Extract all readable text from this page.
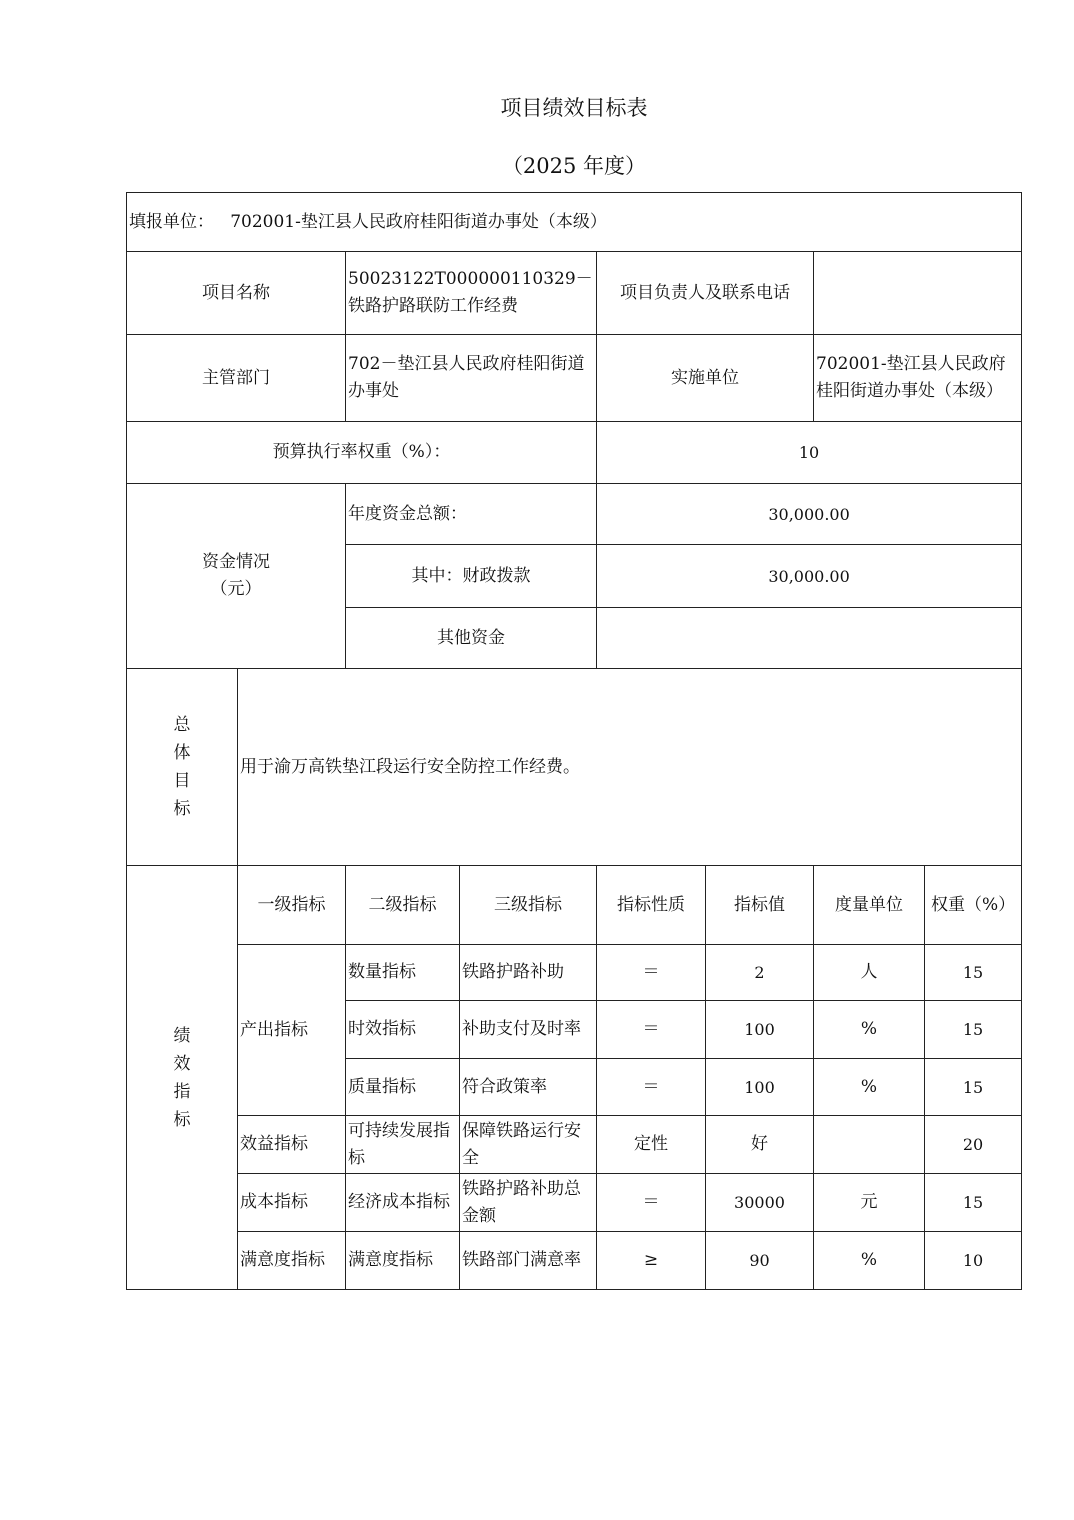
项目绩效目标表
（2025 年度）
填报单位： 702001-垫江县人民政府桂阳街道办事处（本级）							
项目名称		50023122T000000110329－铁路护路联防工作经费		项目负责人及联系电话			
主管部门		702－垫江县人民政府桂阳街道办事处		实施单位		702001-垫江县人民政府桂阳街道办事处（本级）	
预算执行率权重（%）：				10			

资金情况
（元）		年度资金总额：		30,000.00			
		其中：财政拨款		30,000.00			
		其他资金					

总
体
目
标	用于渝万高铁垫江段运行安全防控工作经费。						

绩
效
指
标	一级指标	二级指标	三级指标	指标性质	指标值	度量单位	权重（%）
	产出指标	数量指标	铁路护路补助	＝	2	人	15
		时效指标	补助支付及时率	＝	100	%	15
		质量指标	符合政策率	＝	100	%	15
	效益指标	可持续发展指标	保障铁路运行安全	定性	好		20
	成本指标	经济成本指标	铁路护路补助总金额	＝	30000	元	15
	满意度指标	满意度指标	铁路部门满意率	≥	90	%	10
